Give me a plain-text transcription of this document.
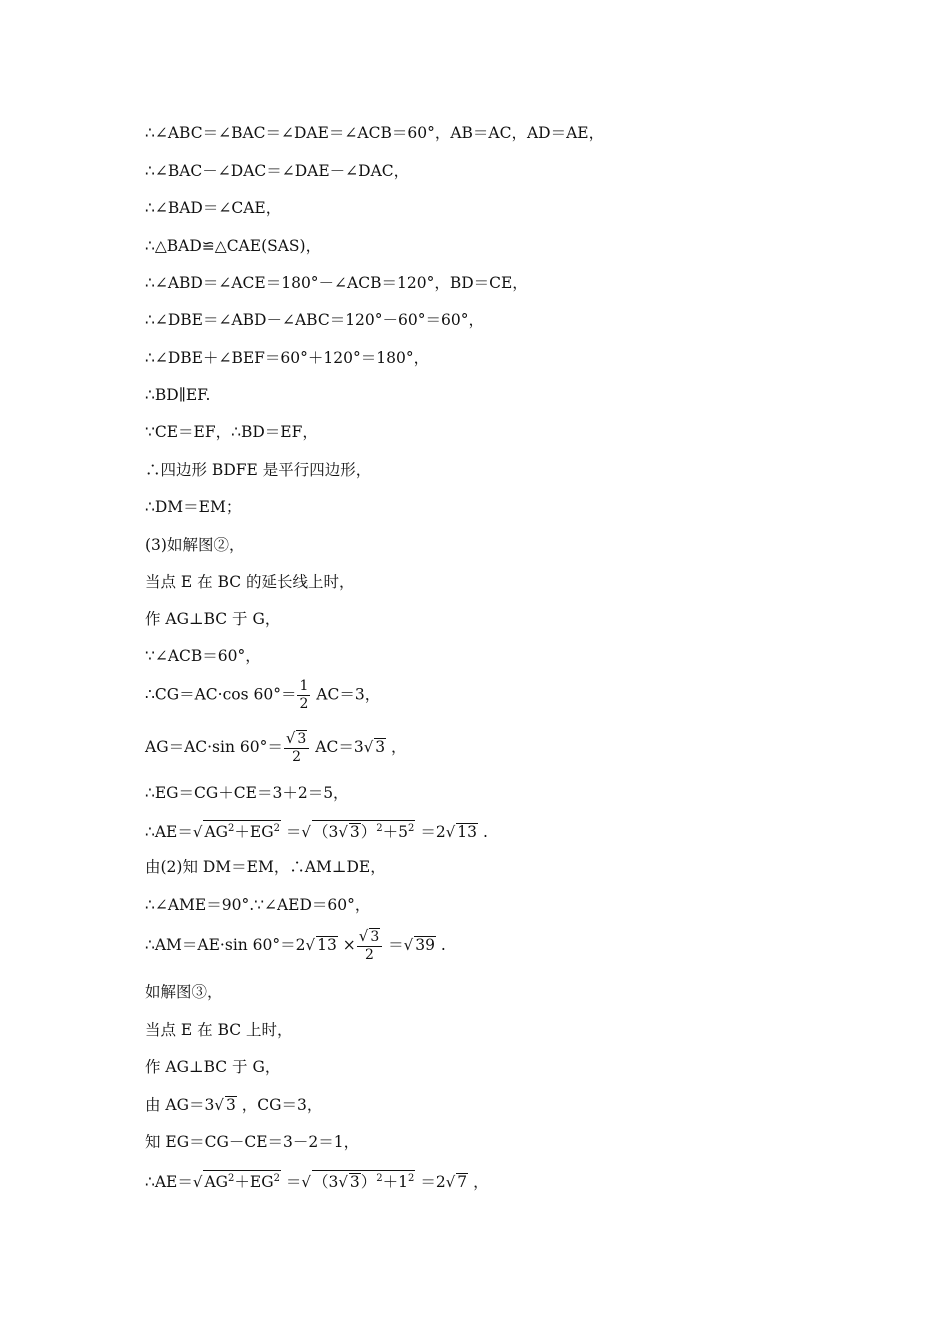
∴∠ABC＝∠BAC＝∠DAE＝∠ACB＝60°，AB＝AC，AD＝AE，
∴∠BAC－∠DAC＝∠DAE－∠DAC，
∴∠BAD＝∠CAE，
∴△BAD≌△CAE(SAS)，
∴∠ABD＝∠ACE＝180°－∠ACB＝120°，BD＝CE，
∴∠DBE＝∠ABD－∠ABC＝120°－60°＝60°，
∴∠DBE＋∠BEF＝60°＋120°＝180°，
∴BD∥EF.
∵CE＝EF，∴BD＝EF，
∴四边形 BDFE 是平行四边形，
∴DM＝EM；
(3)如解图②，
当点 E 在 BC 的延长线上时，
作 AG⊥BC 于 G，
∵∠ACB＝60°，
∴CG＝AC·cos $60^\circ= \frac{1}{2} AC=3$，
AG＝AC·sin $60^\circ= \frac{√ 3}{2} AC=3√$ 3 ，
∴EG＝CG＋CE＝3＋2＝5，
∴AE＝√ $AG^2+EG^2$ ＝√ （3√ $3)^2+5^2 =2√$ 13 .
由(2)知 DM＝EM，∴AM⊥DE，
∴∠AME＝90°.∵∠AED＝60°，
∴AM＝AE·sin 60°＝2√ $13 \times \frac{√ 3}{2}$ ＝√ 39 .
如解图③，
当点 E 在 BC 上时，
作 AG⊥BC 于 G，
由 AG＝3√ 3 ，CG＝3，
知 EG＝CG－CE＝3－2＝1，
∴AE＝√ $AG^2+EG^2$ ＝√ （3√ $3)^2+1^2 =2√$ 7 ，
